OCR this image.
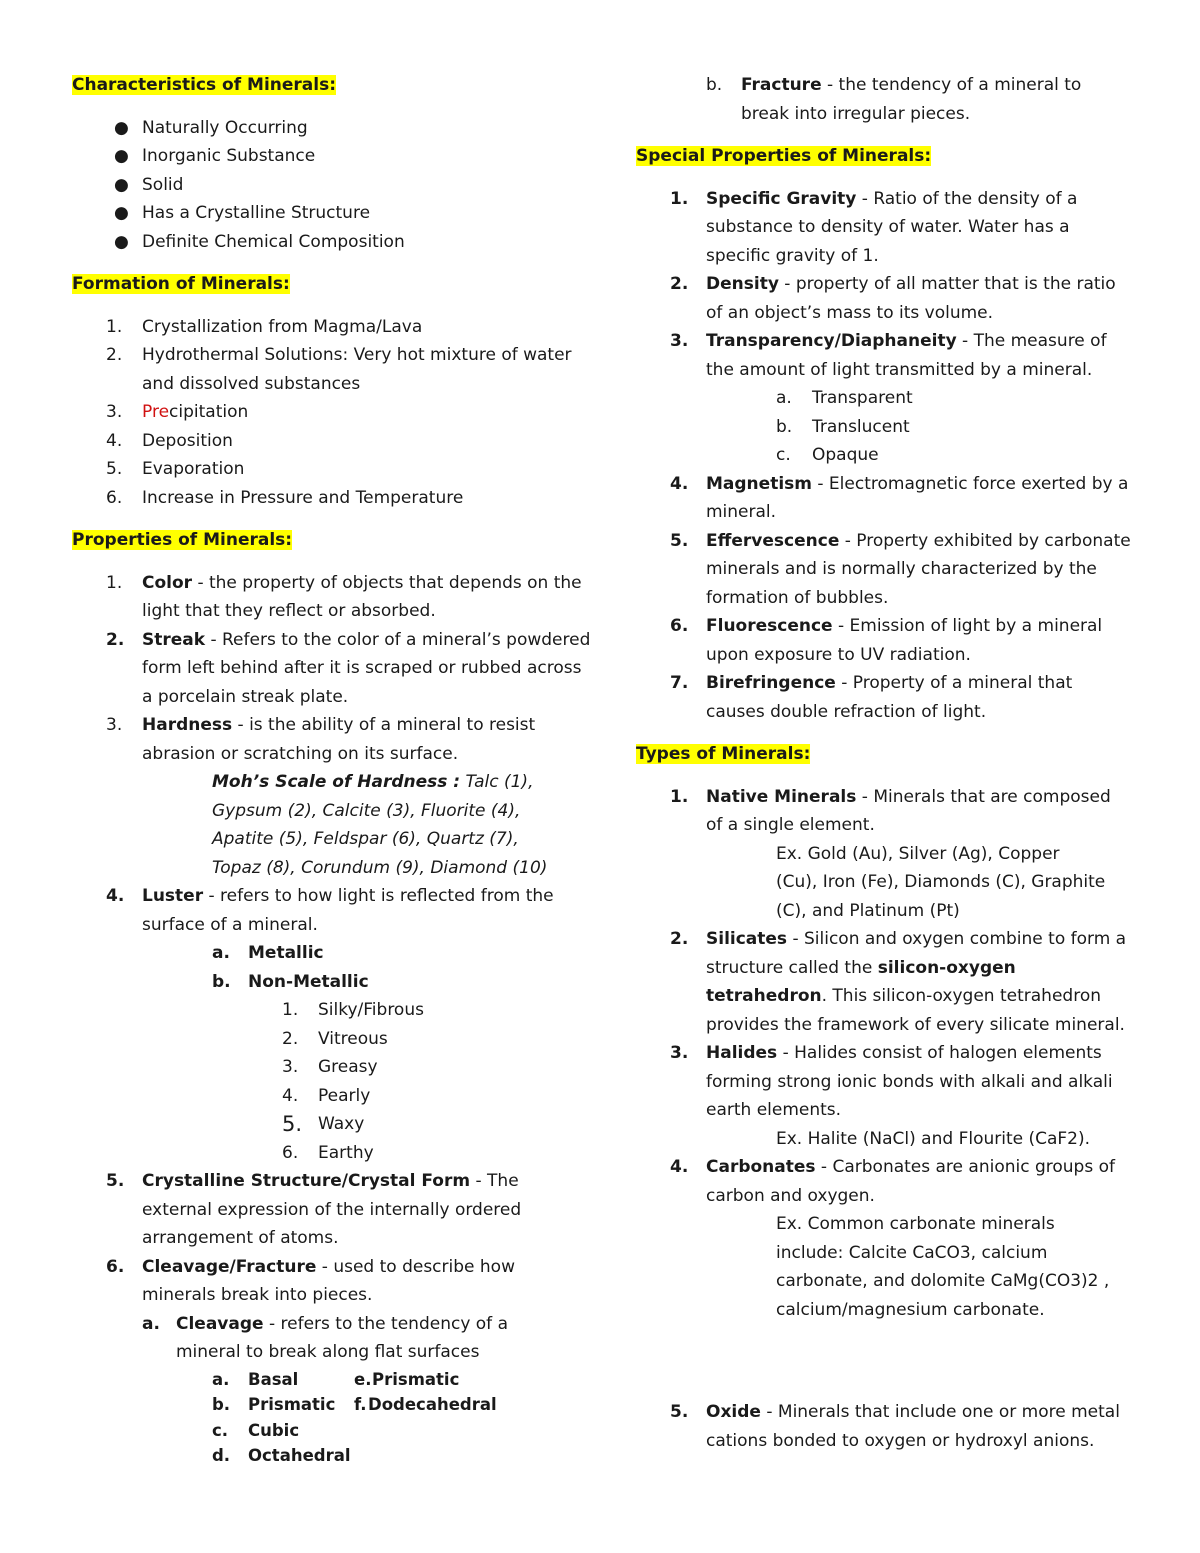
Characteristics of Minerals:
● Naturally Occurring
● Inorganic Substance
● Solid
● Has a Crystalline Structure
● Definite Chemical Composition
Formation of Minerals:
1. Crystallization from Magma/Lava
2. Hydrothermal Solutions: Very hot mixture of water and dissolved substances
3. Precipitation
4. Deposition
5. Evaporation
6. Increase in Pressure and Temperature
Properties of Minerals:
1. Color - the property of objects that depends on the light that they reflect or absorbed.
2. Streak - Refers to the color of a mineral’s powdered form left behind after it is scraped or rubbed across a porcelain streak plate.
3. Hardness - is the ability of a mineral to resist abrasion or scratching on its surface.
Moh’s Scale of Hardness : Talc (1), Gypsum (2), Calcite (3), Fluorite (4), Apatite (5), Feldspar (6), Quartz (7), Topaz (8), Corundum (9), Diamond (10)
4. Luster - refers to how light is reflected from the surface of a mineral.
a. Metallic
b. Non-Metallic
1. Silky/Fibrous
2. Vitreous
3. Greasy
4. Pearly
5. Waxy
6. Earthy
5. Crystalline Structure/Crystal Form - The external expression of the internally ordered arrangement of atoms.
6. Cleavage/Fracture - used to describe how minerals break into pieces.
a. Cleavage - refers to the tendency of a mineral to break along flat surfaces
a. Basal
b. Prismatic
c. Cubic
d. Octahedral
e. Prismatic
f. Dodecahedral
b. Fracture - the tendency of a mineral to break into irregular pieces.
Special Properties of Minerals:
1. Specific Gravity - Ratio of the density of a substance to density of water. Water has a specific gravity of 1.
2. Density - property of all matter that is the ratio of an object’s mass to its volume.
3. Transparency/Diaphaneity - The measure of the amount of light transmitted by a mineral.
a. Transparent
b. Translucent
c. Opaque
4. Magnetism - Electromagnetic force exerted by a mineral.
5. Effervescence - Property exhibited by carbonate minerals and is normally characterized by the formation of bubbles.
6. Fluorescence - Emission of light by a mineral upon exposure to UV radiation.
7. Birefringence - Property of a mineral that causes double refraction of light.
Types of Minerals:
1. Native Minerals - Minerals that are composed of a single element.
Ex. Gold (Au), Silver (Ag), Copper (Cu), Iron (Fe), Diamonds (C), Graphite (C), and Platinum (Pt)
2. Silicates - Silicon and oxygen combine to form a structure called the silicon-oxygen tetrahedron. This silicon-oxygen tetrahedron provides the framework of every silicate mineral.
3. Halides - Halides consist of halogen elements forming strong ionic bonds with alkali and alkali earth elements.
Ex. Halite (NaCl) and Flourite (CaF2).
4. Carbonates - Carbonates are anionic groups of carbon and oxygen.
Ex. Common carbonate minerals include: Calcite CaCO3, calcium carbonate, and dolomite CaMg(CO3)2 , calcium/magnesium carbonate.
5. Oxide - Minerals that include one or more metal cations bonded to oxygen or hydroxyl anions.
